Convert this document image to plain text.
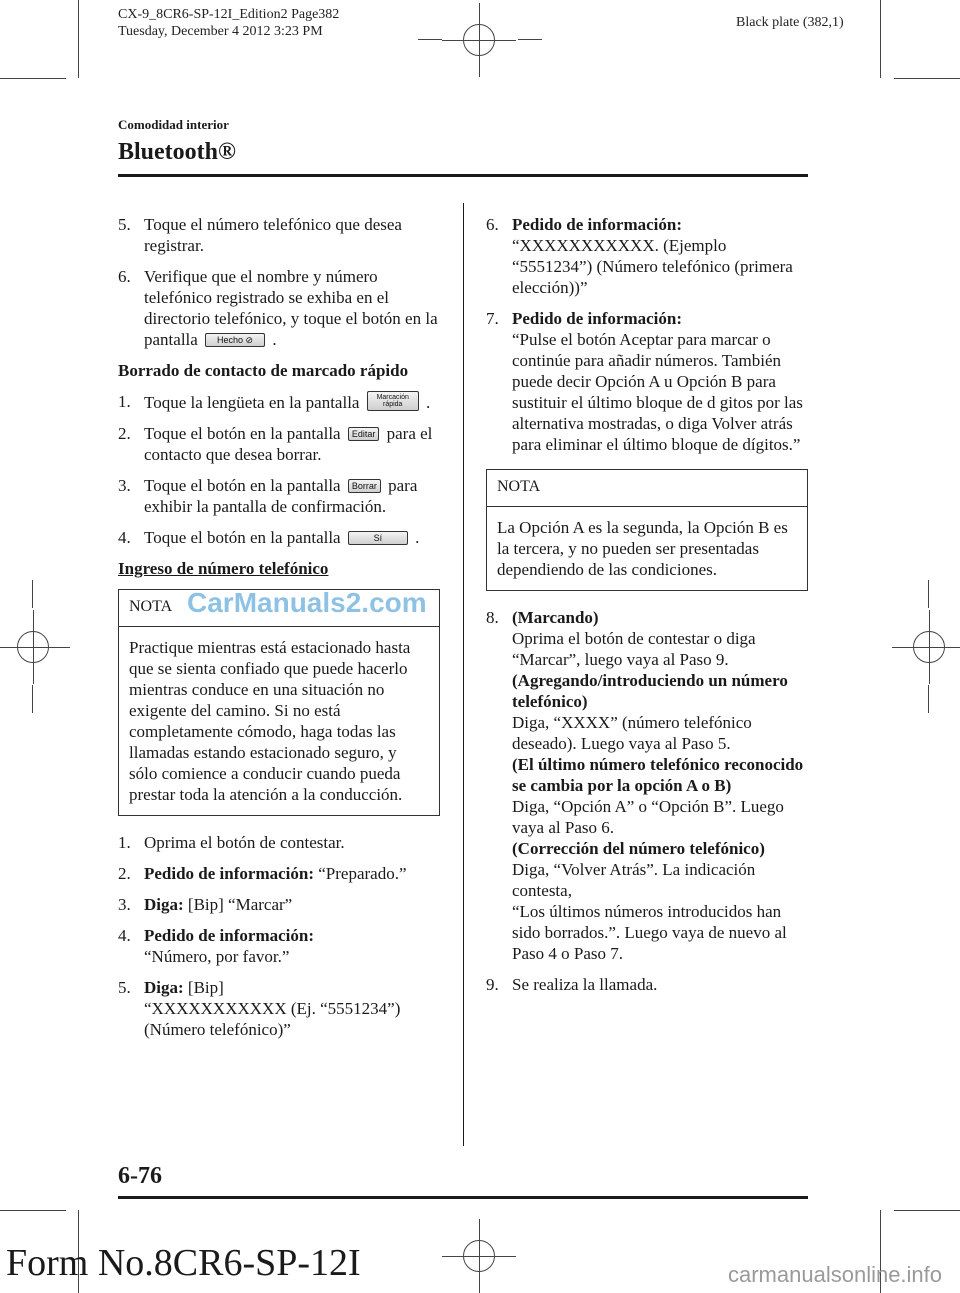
CX-9_8CR6-SP-12I_Edition2 Page382
Tuesday, December 4 2012 3:23 PM
Black plate (382,1)
Comodidad interior
Bluetooth®
5. Toque el número telefónico que desea registrar.
6. Verifique que el nombre y número telefónico registrado se exhiba en el directorio telefónico, y toque el botón en la pantalla Hecho ⊘ .
Borrado de contacto de marcado rápido
1. Toque la lengüeta en la pantalla Marcación rápida .
2. Toque el botón en la pantalla Editar para el contacto que desea borrar.
3. Toque el botón en la pantalla Borrar para exhibir la pantalla de confirmación.
4. Toque el botón en la pantalla	Sí .
Ingreso de número telefónico
NOTA CarManuals2.com
Practique mientras está estacionado hasta que se sienta confiado que puede hacerlo mientras conduce en una situación no exigente del camino. Si no está completamente cómodo, haga todas las llamadas estando estacionado seguro, y sólo comience a conducir cuando pueda prestar toda la atención a la conducción.
1. Oprima el botón de contestar.
2. Pedido de información: “Preparado.”
3. Diga: [Bip] “Marcar”
4. Pedido de información:
“Número, por favor.”
5. Diga: [Bip]
“XXXXXXXXXXX (Ej. “5551234”) (Número telefónico)”
6. Pedido de información:
“XXXXXXXXXXX. (Ejemplo “5551234”) (Número telefónico (primera elección))”
7. Pedido de información:
“Pulse el botón Aceptar para marcar o continúe para añadir números. También puede decir Opción A u Opción B para sustituir el último bloque de d gitos por las alternativa mostradas, o diga Volver atrás para eliminar el último bloque de dígitos.”
NOTA
La Opción A es la segunda, la Opción B es la tercera, y no pueden ser presentadas dependiendo de las condiciones.
8. (Marcando)
Oprima el botón de contestar o diga “Marcar”, luego vaya al Paso 9.
(Agregando/introduciendo un número telefónico)
Diga, “XXXX” (número telefónico deseado). Luego vaya al Paso 5.
(El último número telefónico reconocido se cambia por la opción A o B)
Diga, “Opción A” o “Opción B”. Luego vaya al Paso 6.
(Corrección del número telefónico)
Diga, “Volver Atrás”. La indicación contesta,
“Los últimos números introducidos han sido borrados.”. Luego vaya de nuevo al Paso 4 o Paso 7.
9. Se realiza la llamada.
6-76
Form No.8CR6-SP-12I	carmanualsonline.info
